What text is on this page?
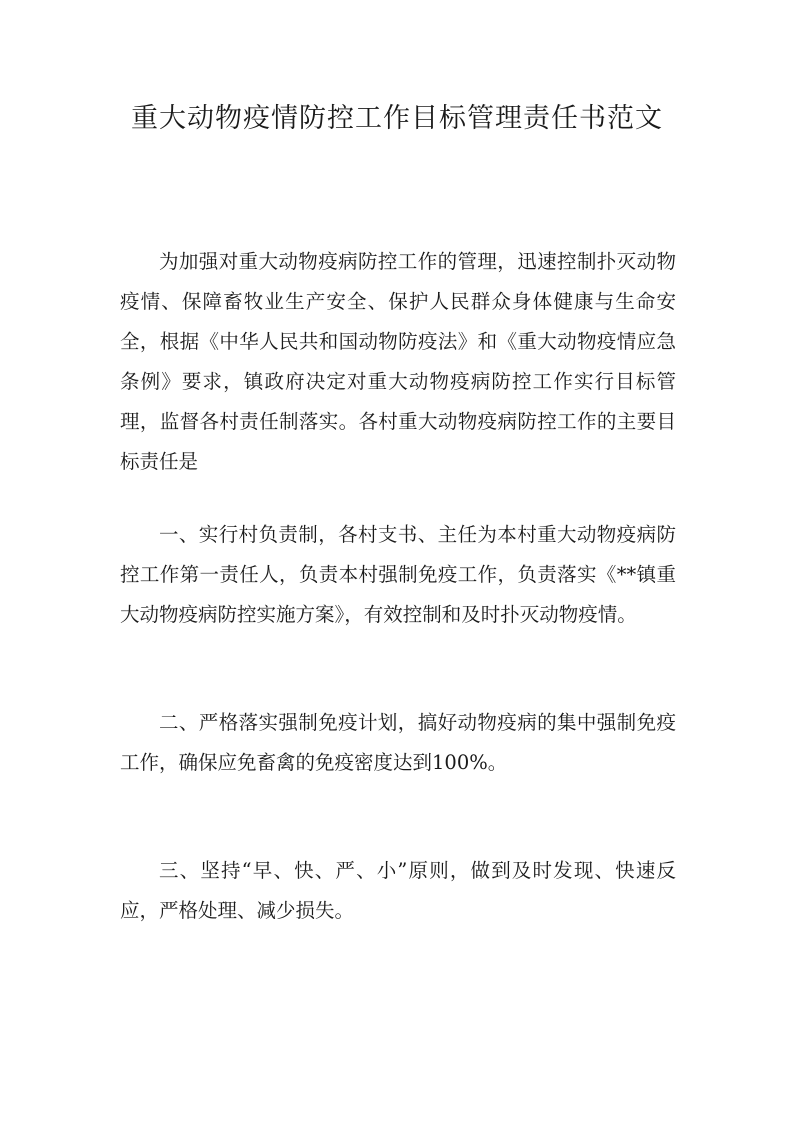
重大动物疫情防控工作目标管理责任书范文

为加强对重大动物疫病防控工作的管理，迅速控制扑灭动物疫情、保障畜牧业生产安全、保护人民群众身体健康与生命安全，根据《中华人民共和国动物防疫法》和《重大动物疫情应急条例》要求，镇政府决定对重大动物疫病防控工作实行目标管理，监督各村责任制落实。各村重大动物疫病防控工作的主要目标责任是

一、实行村负责制，各村支书、主任为本村重大动物疫病防控工作第一责任人，负责本村强制免疫工作，负责落实《**镇重大动物疫病防控实施方案》，有效控制和及时扑灭动物疫情。

二、严格落实强制免疫计划，搞好动物疫病的集中强制免疫工作，确保应免畜禽的免疫密度达到100%。

三、坚持“早、快、严、小”原则，做到及时发现、快速反应，严格处理、减少损失。
